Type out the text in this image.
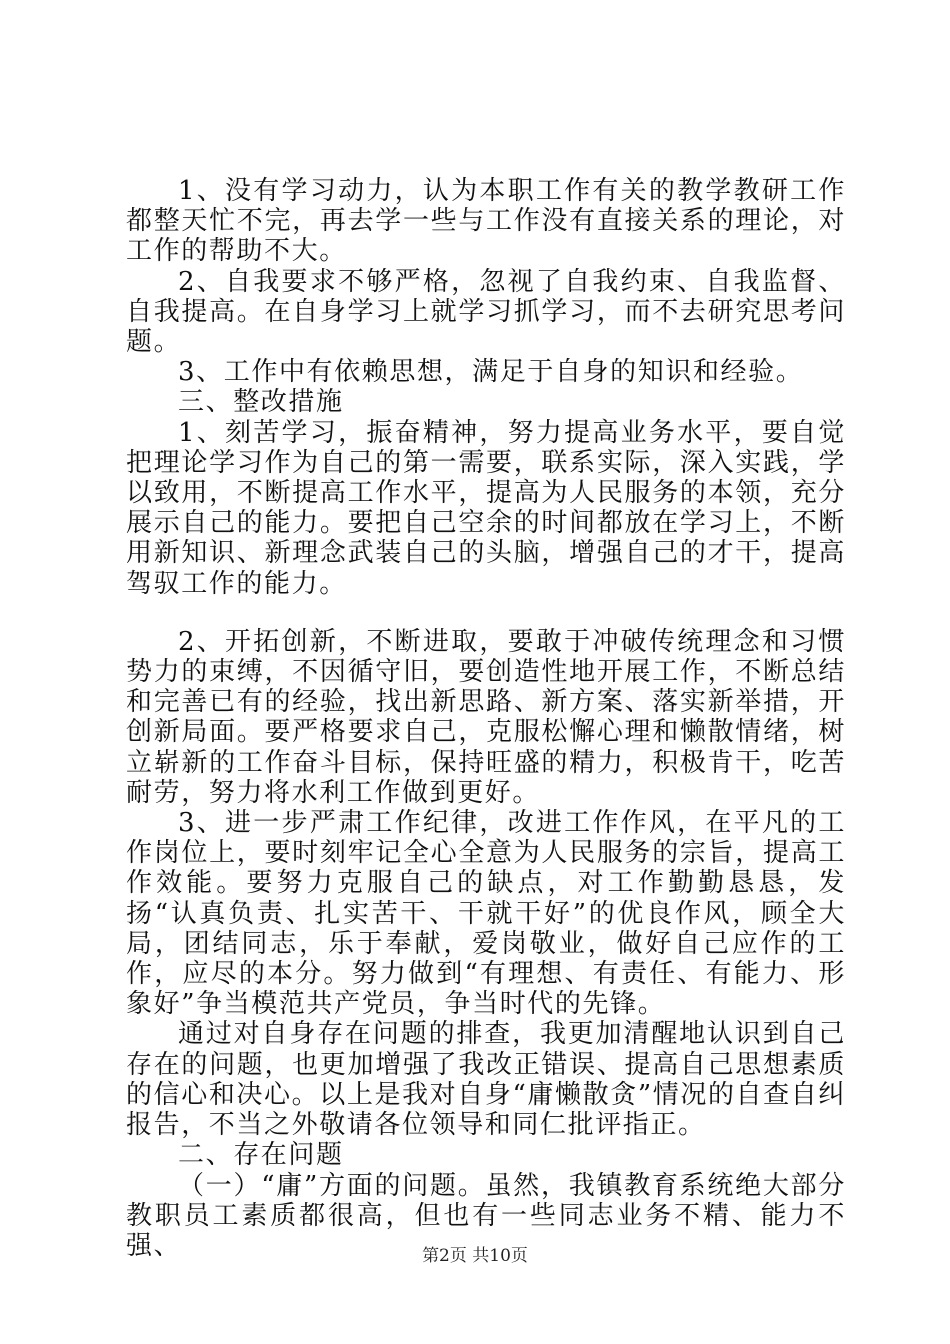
1、没有学习动力，认为本职工作有关的教学教研工作都整天忙不完，再去学一些与工作没有直接关系的理论，对工作的帮助不大。

2、自我要求不够严格，忽视了自我约束、自我监督、自我提高。在自身学习上就学习抓学习，而不去研究思考问题。

3、工作中有依赖思想，满足于自身的知识和经验。

三、整改措施

1、刻苦学习，振奋精神，努力提高业务水平，要自觉把理论学习作为自己的第一需要，联系实际，深入实践，学以致用，不断提高工作水平，提高为人民服务的本领，充分展示自己的能力。要把自己空余的时间都放在学习上，不断用新知识、新理念武装自己的头脑，增强自己的才干，提高驾驭工作的能力。

2、开拓创新，不断进取，要敢于冲破传统理念和习惯势力的束缚，不因循守旧，要创造性地开展工作，不断总结和完善已有的经验，找出新思路、新方案、落实新举措，开创新局面。要严格要求自己，克服松懈心理和懒散情绪，树立崭新的工作奋斗目标，保持旺盛的精力，积极肯干，吃苦耐劳，努力将水利工作做到更好。

3、进一步严肃工作纪律，改进工作作风，在平凡的工作岗位上，要时刻牢记全心全意为人民服务的宗旨，提高工作效能。要努力克服自己的缺点，对工作勤勤恳恳，发扬“认真负责、扎实苦干、干就干好”的优良作风，顾全大局，团结同志，乐于奉献，爱岗敬业，做好自己应作的工作，应尽的本分。努力做到“有理想、有责任、有能力、形象好”争当模范共产党员，争当时代的先锋。

通过对自身存在问题的排查，我更加清醒地认识到自己存在的问题，也更加增强了我改正错误、提高自己思想素质的信心和决心。以上是我对自身“庸懒散贪”情况的自查自纠报告，不当之外敬请各位领导和同仁批评指正。

二、存在问题

（一）“庸”方面的问题。虽然，我镇教育系统绝大部分教职员工素质都很高，但也有一些同志业务不精、能力不强、	第2页 共10页
